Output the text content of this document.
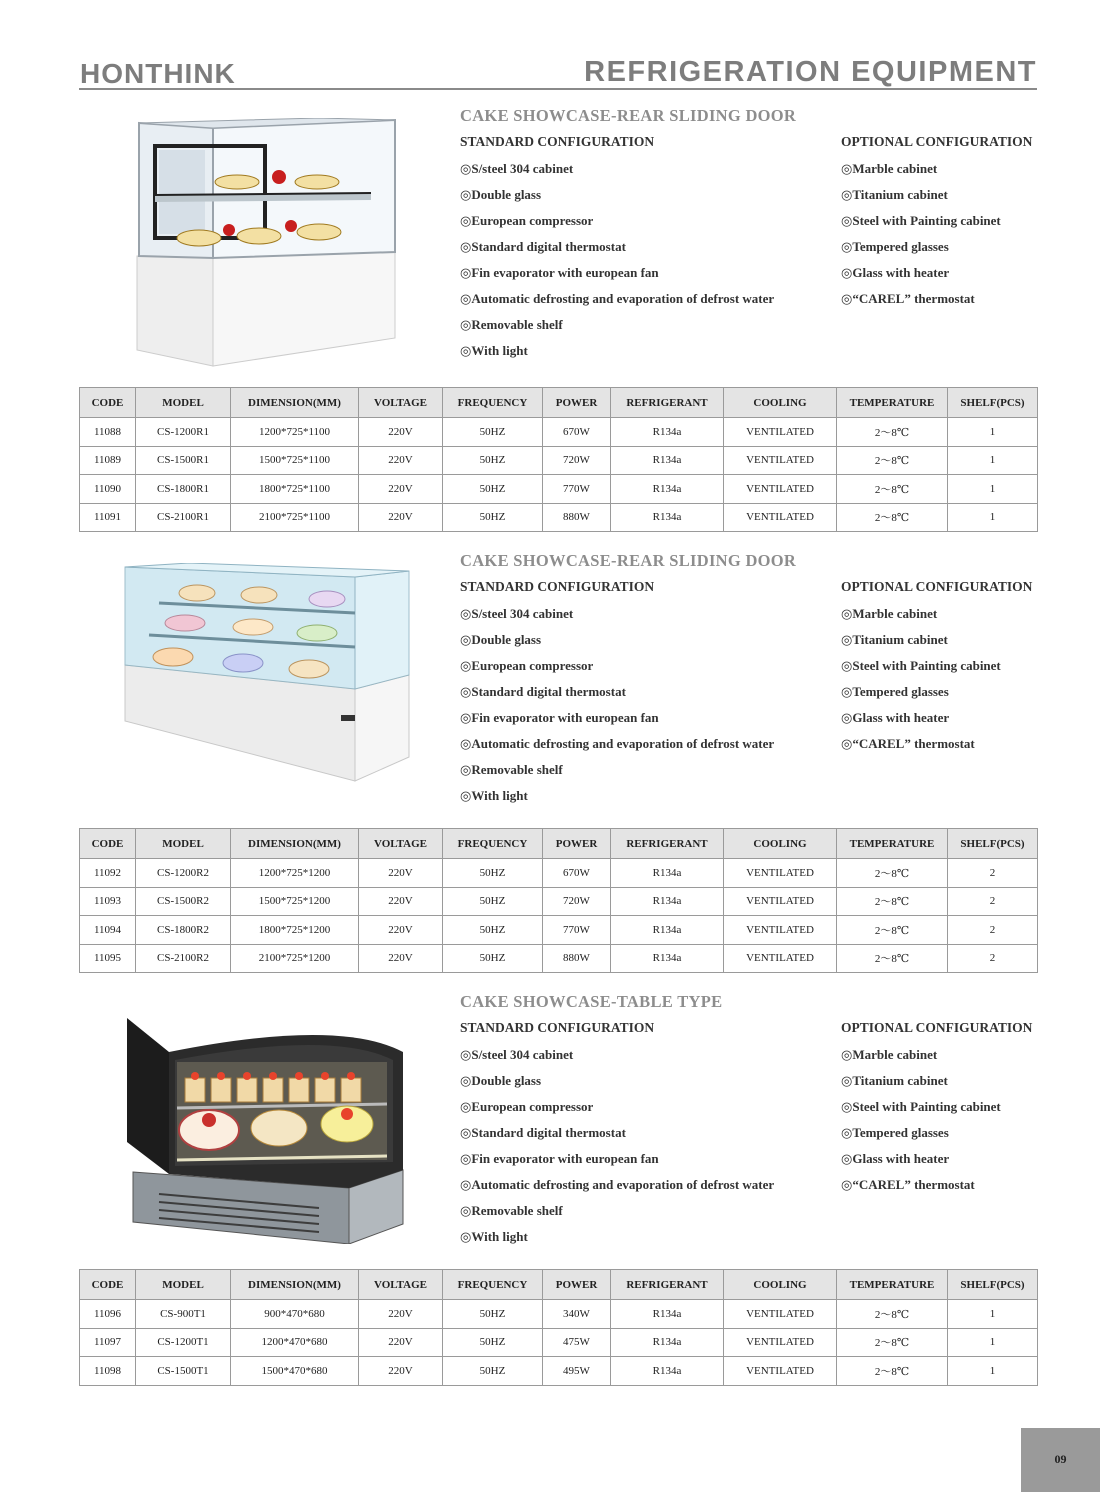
HONTHINK	REFRIGERATION EQUIPMENT
CAKE SHOWCASE-REAR SLIDING DOOR
STANDARD CONFIGURATION	OPTIONAL CONFIGURATION
◎S/steel 304 cabinet
◎Double glass
◎European compressor
◎Standard digital thermostat
◎Fin evaporator with european fan
◎Automatic defrosting and evaporation of defrost water
◎Removable shelf
◎With light
◎Marble cabinet
◎Titanium cabinet
◎Steel with Painting cabinet
◎Tempered glasses
◎Glass with heater
◎“CAREL” thermostat
CODE	MODEL	DIMENSION(MM)	VOLTAGE	FREQUENCY	POWER	REFRIGERANT	COOLING	TEMPERATURE	SHELF(PCS)
11088	CS-1200R1	1200*725*1100	220V	50HZ	670W	R134a	VENTILATED	2～8℃	1
11089	CS-1500R1	1500*725*1100	220V	50HZ	720W	R134a	VENTILATED	2～8℃	1
11090	CS-1800R1	1800*725*1100	220V	50HZ	770W	R134a	VENTILATED	2～8℃	1
11091	CS-2100R1	2100*725*1100	220V	50HZ	880W	R134a	VENTILATED	2～8℃	1
CAKE SHOWCASE-REAR SLIDING DOOR
STANDARD CONFIGURATION	OPTIONAL CONFIGURATION
◎S/steel 304 cabinet
◎Double glass
◎European compressor
◎Standard digital thermostat
◎Fin evaporator with european fan
◎Automatic defrosting and evaporation of defrost water
◎Removable shelf
◎With light
◎Marble cabinet
◎Titanium cabinet
◎Steel with Painting cabinet
◎Tempered glasses
◎Glass with heater
◎“CAREL” thermostat
CODE	MODEL	DIMENSION(MM)	VOLTAGE	FREQUENCY	POWER	REFRIGERANT	COOLING	TEMPERATURE	SHELF(PCS)
11092	CS-1200R2	1200*725*1200	220V	50HZ	670W	R134a	VENTILATED	2～8℃	2
11093	CS-1500R2	1500*725*1200	220V	50HZ	720W	R134a	VENTILATED	2～8℃	2
11094	CS-1800R2	1800*725*1200	220V	50HZ	770W	R134a	VENTILATED	2～8℃	2
11095	CS-2100R2	2100*725*1200	220V	50HZ	880W	R134a	VENTILATED	2～8℃	2
CAKE SHOWCASE-TABLE TYPE
STANDARD CONFIGURATION	OPTIONAL CONFIGURATION
◎S/steel 304 cabinet
◎Double glass
◎European compressor
◎Standard digital thermostat
◎Fin evaporator with european fan
◎Automatic defrosting and evaporation of defrost water
◎Removable shelf
◎With light
◎Marble cabinet
◎Titanium cabinet
◎Steel with Painting cabinet
◎Tempered glasses
◎Glass with heater
◎“CAREL” thermostat
CODE	MODEL	DIMENSION(MM)	VOLTAGE	FREQUENCY	POWER	REFRIGERANT	COOLING	TEMPERATURE	SHELF(PCS)
11096	CS-900T1	900*470*680	220V	50HZ	340W	R134a	VENTILATED	2～8℃	1
11097	CS-1200T1	1200*470*680	220V	50HZ	475W	R134a	VENTILATED	2～8℃	1
11098	CS-1500T1	1500*470*680	220V	50HZ	495W	R134a	VENTILATED	2～8℃	1
09
